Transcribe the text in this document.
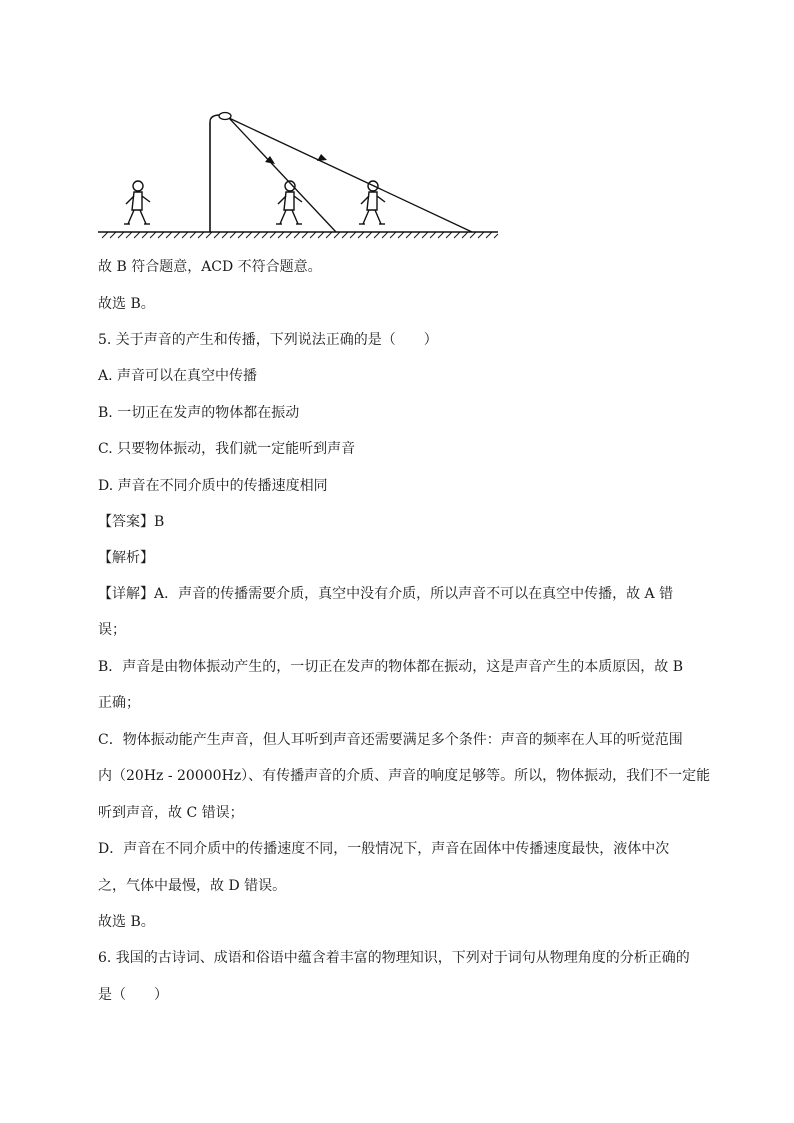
故 B 符合题意，ACD 不符合题意。
故选 B。
5. 关于声音的产生和传播，下列说法正确的是（　　）
A. 声音可以在真空中传播
B. 一切正在发声的物体都在振动
C. 只要物体振动，我们就一定能听到声音
D. 声音在不同介质中的传播速度相同
【答案】B
【解析】
【详解】A．声音的传播需要介质，真空中没有介质，所以声音不可以在真空中传播，故 A 错
误；
B．声音是由物体振动产生的，一切正在发声的物体都在振动，这是声音产生的本质原因，故 B
正确；
C．物体振动能产生声音，但人耳听到声音还需要满足多个条件：声音的频率在人耳的听觉范围
内（20Hz - 20000Hz）、有传播声音的介质、声音的响度足够等。所以，物体振动，我们不一定能
听到声音，故 C 错误；
D．声音在不同介质中的传播速度不同，一般情况下，声音在固体中传播速度最快，液体中次
之，气体中最慢，故 D 错误。
故选 B。
6. 我国的古诗词、成语和俗语中蕴含着丰富的物理知识，下列对于词句从物理角度的分析正确的
是（　　）
